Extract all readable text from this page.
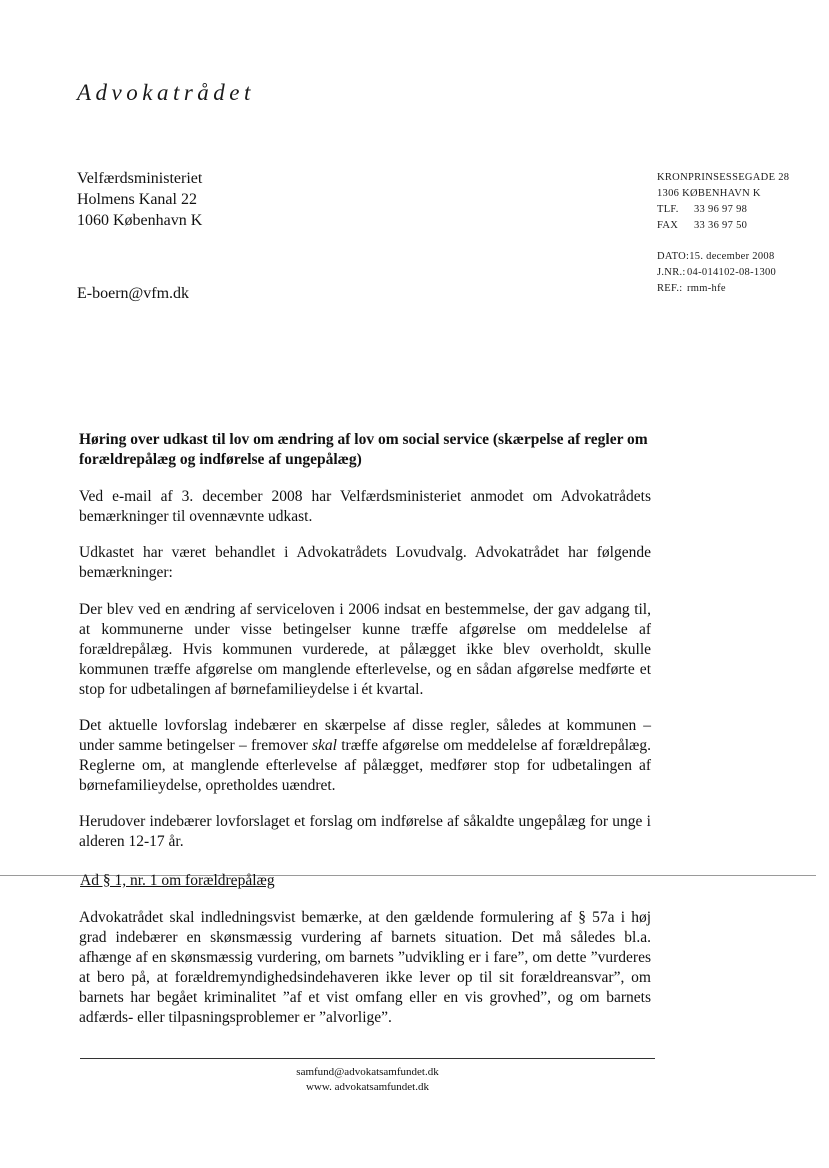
Advokatrådet
Velfærdsministeriet
Holmens Kanal 22
1060 København K
E-boern@vfm.dk
KRONPRINSESSEGADE 28
1306 KØBENHAVN K
TLF. 33 96 97 98
FAX 33 36 97 50
DATO:15. december 2008
J.NR.:04-014102-08-1300
REF.: rmm-hfe
Høring over udkast til lov om ændring af lov om social service (skærpelse af regler om forældrepålæg og indførelse af ungepålæg)

Ved e-mail af 3. december 2008 har Velfærdsministeriet anmodet om Advokatrådets bemærkninger til ovennævnte udkast.

Udkastet har været behandlet i Advokatrådets Lovudvalg. Advokatrådet har følgende bemærkninger:

Der blev ved en ændring af serviceloven i 2006 indsat en bestemmelse, der gav adgang til, at kommunerne under visse betingelser kunne træffe afgørelse om meddelelse af forældrepålæg. Hvis kommunen vurderede, at pålægget ikke blev overholdt, skulle kommunen træffe afgørelse om manglende efterlevelse, og en sådan afgørelse medførte et stop for udbetalingen af børnefamilieydelse i ét kvartal.

Det aktuelle lovforslag indebærer en skærpelse af disse regler, således at kommunen – under samme betingelser – fremover skal træffe afgørelse om meddelelse af forældrepålæg. Reglerne om, at manglende efterlevelse af pålægget, medfører stop for udbetalingen af børnefamilieydelse, opretholdes uændret.

Herudover indebærer lovforslaget et forslag om indførelse af såkaldte ungepålæg for unge i alderen 12-17 år.

Ad § 1, nr. 1 om forældrepålæg

Advokatrådet skal indledningsvist bemærke, at den gældende formulering af § 57a i høj grad indebærer en skønsmæssig vurdering af barnets situation. Det må således bl.a. afhænge af en skønsmæssig vurdering, om barnets ”udvikling er i fare”, om dette ”vurderes at bero på, at forældremyndighedsindehaveren ikke lever op til sit forældreansvar”, om barnets har begået kriminalitet ”af et vist omfang eller en vis grovhed”, og om barnets adfærds- eller tilpasningsproblemer er ”alvorlige”.

samfund@advokatsamfundet.dk
www. advokatsamfundet.dk
